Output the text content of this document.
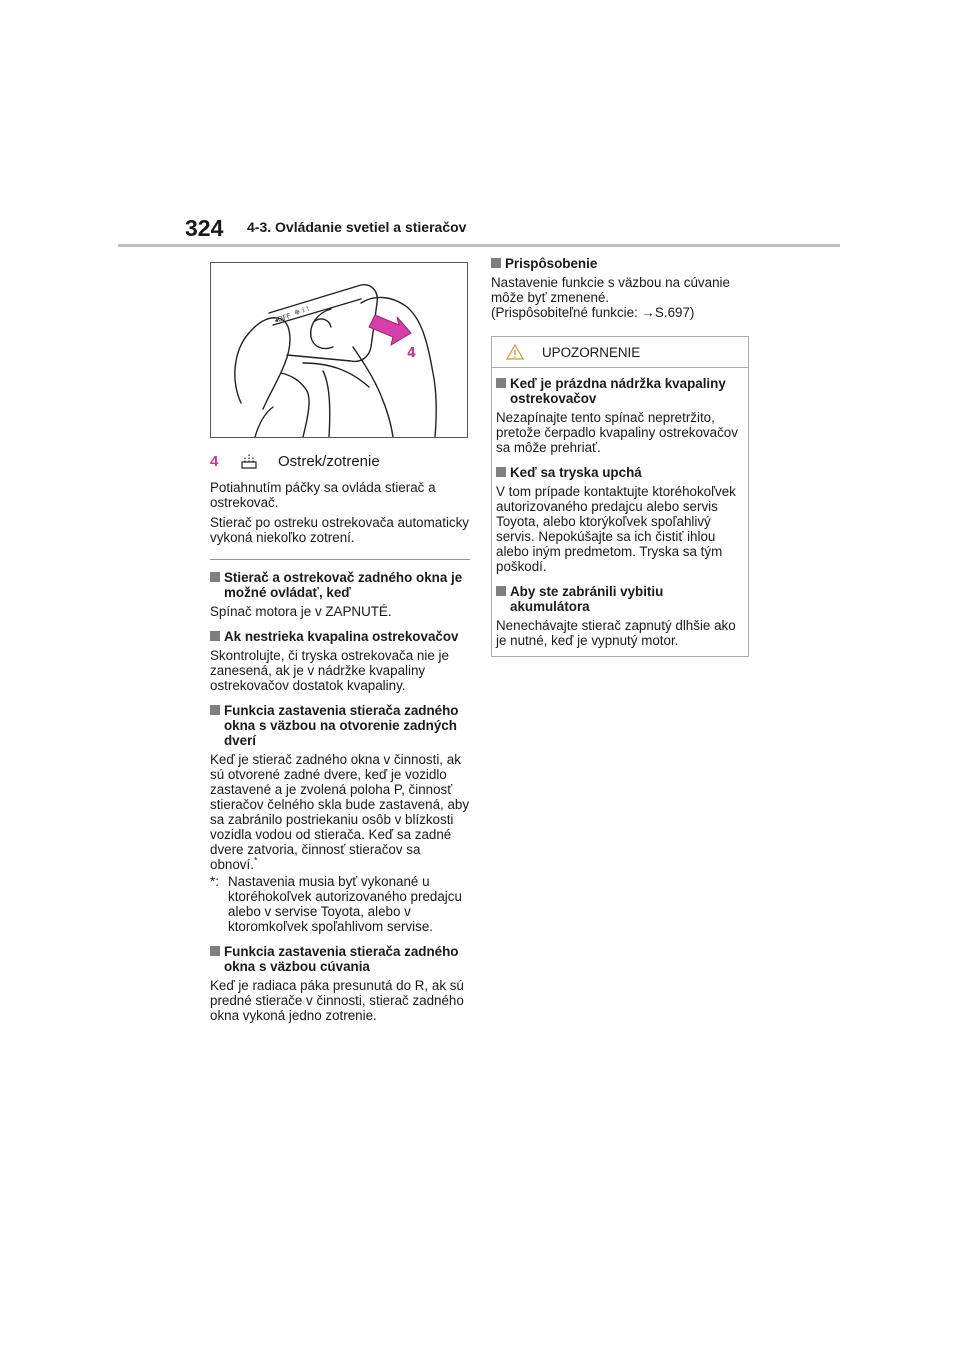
324 4-3. Ovládanie svetiel a stieračov
◂OFF
⊕ ⟟ ⟟
4
4	Ostrek/zotrenie

Potiahnutím páčky sa ovláda stierač a ostrekovač.

Stierač po ostreku ostrekovača automaticky vykoná niekoľko zotrení.

Stierač a ostrekovač zadného okna je možné ovládať, keď

Spínač motora je v ZAPNUTÉ.

Ak nestrieka kvapalina ostrekovačov

Skontrolujte, či tryska ostrekovača nie je zanesená, ak je v nádržke kvapaliny ostrekovačov dostatok kvapaliny.

Funkcia zastavenia stierača zadného okna s väzbou na otvorenie zadných dverí

Keď je stierač zadného okna v činnosti, ak sú otvorené zadné dvere, keď je vozidlo zastavené a je zvolená poloha P, činnosť stieračov čelného skla bude zastavená, aby sa zabránilo postriekaniu osôb v blízkosti vozidla vodou od stierača. Keď sa zadné dvere zatvoria, činnosť stieračov sa obnoví.*

*: Nastavenia musia byť vykonané u ktoréhokoľvek autorizovaného predajcu alebo v servise Toyota, alebo v ktoromkoľvek spoľahlivom servise.
Funkcia zastavenia stierača zadného okna s väzbou cúvania

Keď je radiaca páka presunutá do R, ak sú predné stierače v činnosti, stierač zadného okna vykoná jedno zotrenie.

Prispôsobenie

Nastavenie funkcie s väzbou na cúvanie môže byť zmenené.

(Prispôsobiteľné funkcie: →S.697)

UPOZORNENIE
Keď je prázdna nádržka kvapaliny ostrekovačov

Nezapínajte tento spínač nepretržito, pretože čerpadlo kvapaliny ostrekovačov sa môže prehriať.

Keď sa tryska upchá

V tom prípade kontaktujte ktoréhokoľvek autorizovaného predajcu alebo servis Toyota, alebo ktorýkoľvek spoľahlivý servis. Nepokúšajte sa ich čistiť ihlou alebo iným predmetom. Tryska sa tým poškodí.

Aby ste zabránili vybitiu akumulátora

Nenechávajte stierač zapnutý dlhšie ako je nutné, keď je vypnutý motor.
